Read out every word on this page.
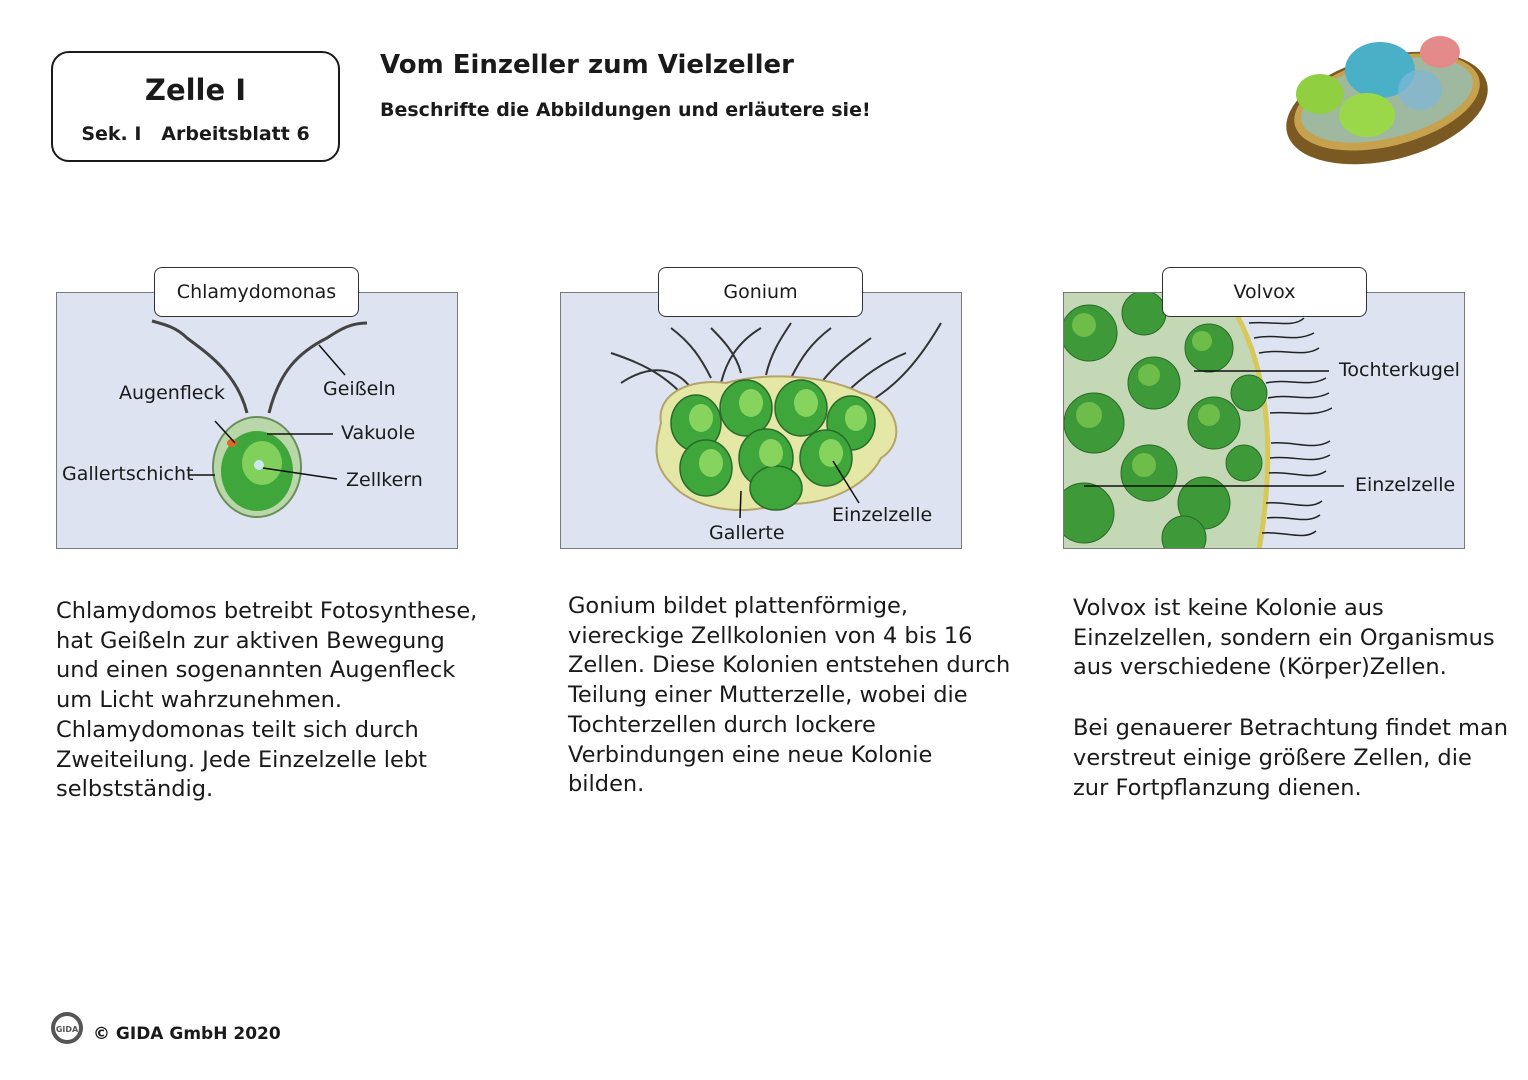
Zelle I
Sek. I   Arbeitsblatt 6
Vom Einzeller zum Vielzeller
Beschrifte die Abbildungen und erläutere sie!
Augenfleck	Geißeln
Vakuole
Gallertschicht	Zellkern
Chlamydomonas
Gallerte
Einzelzelle
Gonium
Tochterkugel
Einzelzelle
Volvox

Chlamydomos betreibt Fotosynthese,

hat Geißeln zur aktiven Bewegung

und einen sogenannten Augenfleck

um Licht wahrzunehmen.

Chlamydomonas teilt sich durch

Zweiteilung. Jede Einzelzelle lebt

selbstständig.

Gonium bildet plattenförmige,

viereckige Zellkolonien von 4 bis 16

Zellen. Diese Kolonien entstehen durch

Teilung einer Mutterzelle, wobei die

Tochterzellen durch lockere

Verbindungen eine neue Kolonie

bilden.

Volvox ist keine Kolonie aus

Einzelzellen, sondern ein Organismus

aus verschiedene (Körper)Zellen.

Bei genauerer Betrachtung findet man

verstreut einige größere Zellen, die

zur Fortpflanzung dienen.

GIDA © GIDA GmbH 2020
